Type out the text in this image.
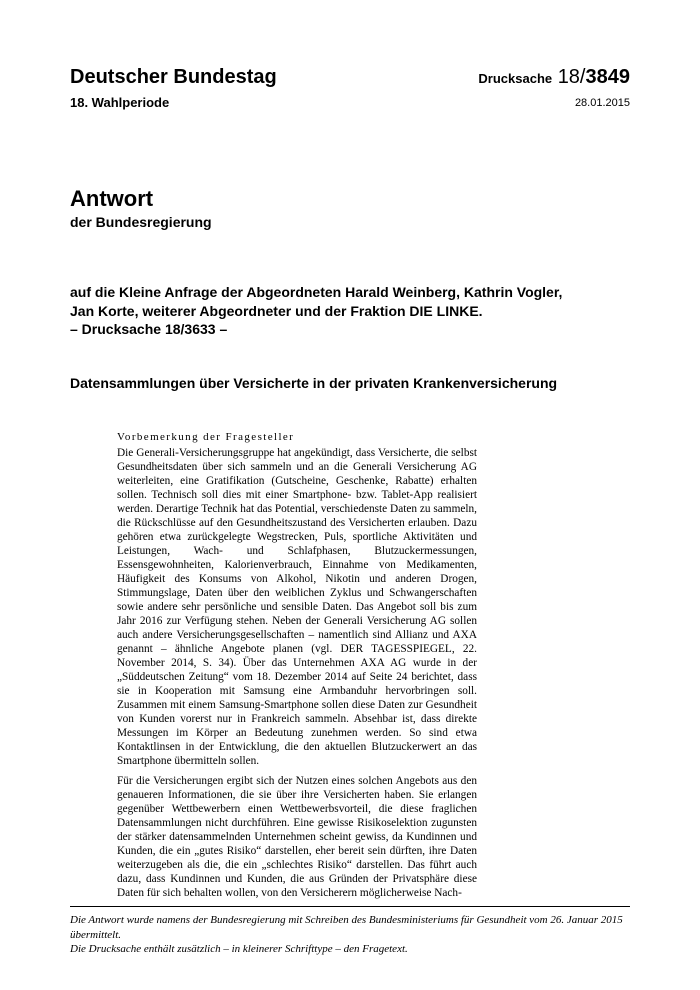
Deutscher Bundestag
18. Wahlperiode
Drucksache 18/3849
28.01.2015
Antwort
der Bundesregierung
auf die Kleine Anfrage der Abgeordneten Harald Weinberg, Kathrin Vogler,
Jan Korte, weiterer Abgeordneter und der Fraktion DIE LINKE.
– Drucksache 18/3633 –
Datensammlungen über Versicherte in der privaten Krankenversicherung
Vorbemerkung der Fragesteller

Die Generali-Versicherungsgruppe hat angekündigt, dass Versicherte, die selbst Gesundheitsdaten über sich sammeln und an die Generali Versicherung AG weiterleiten, eine Gratifikation (Gutscheine, Geschenke, Rabatte) erhalten sollen. Technisch soll dies mit einer Smartphone- bzw. Tablet-App realisiert werden. Derartige Technik hat das Potential, verschiedenste Daten zu sammeln, die Rückschlüsse auf den Gesundheitszustand des Versicherten erlauben. Dazu gehören etwa zurückgelegte Wegstrecken, Puls, sportliche Aktivitäten und Leistungen, Wach- und Schlafphasen, Blutzuckermessungen, Essensgewohnheiten, Kalorienverbrauch, Einnahme von Medikamenten, Häufigkeit des Konsums von Alkohol, Nikotin und anderen Drogen, Stimmungslage, Daten über den weiblichen Zyklus und Schwangerschaften sowie andere sehr persönliche und sensible Daten. Das Angebot soll bis zum Jahr 2016 zur Verfügung stehen. Neben der Generali Versicherung AG sollen auch andere Versicherungsgesellschaften – namentlich sind Allianz und AXA genannt – ähnliche Angebote planen (vgl. DER TAGESSPIEGEL, 22. November 2014, S. 34). Über das Unternehmen AXA AG wurde in der „Süddeutschen Zeitung“ vom 18. Dezember 2014 auf Seite 24 berichtet, dass sie in Kooperation mit Samsung eine Armbanduhr hervorbringen soll. Zusammen mit einem Samsung-Smartphone sollen diese Daten zur Gesundheit von Kunden vorerst nur in Frankreich sammeln. Absehbar ist, dass direkte Messungen im Körper an Bedeutung zunehmen werden. So sind etwa Kontaktlinsen in der Entwicklung, die den aktuellen Blutzuckerwert an das Smartphone übermitteln sollen.

Für die Versicherungen ergibt sich der Nutzen eines solchen Angebots aus den genaueren Informationen, die sie über ihre Versicherten haben. Sie erlangen gegenüber Wettbewerbern einen Wettbewerbsvorteil, die diese fraglichen Datensammlungen nicht durchführen. Eine gewisse Risikoselektion zugunsten der stärker datensammelnden Unternehmen scheint gewiss, da Kundinnen und Kunden, die ein „gutes Risiko“ darstellen, eher bereit sein dürften, ihre Daten weiterzugeben als die, die ein „schlechtes Risiko“ darstellen. Das führt auch dazu, dass Kundinnen und Kunden, die aus Gründen der Privatsphäre diese Daten für sich behalten wollen, von den Versicherern möglicherweise Nach-

Die Antwort wurde namens der Bundesregierung mit Schreiben des Bundesministeriums für Gesundheit vom 26. Januar 2015 übermittelt.

Die Drucksache enthält zusätzlich – in kleinerer Schrifttype – den Fragetext.
